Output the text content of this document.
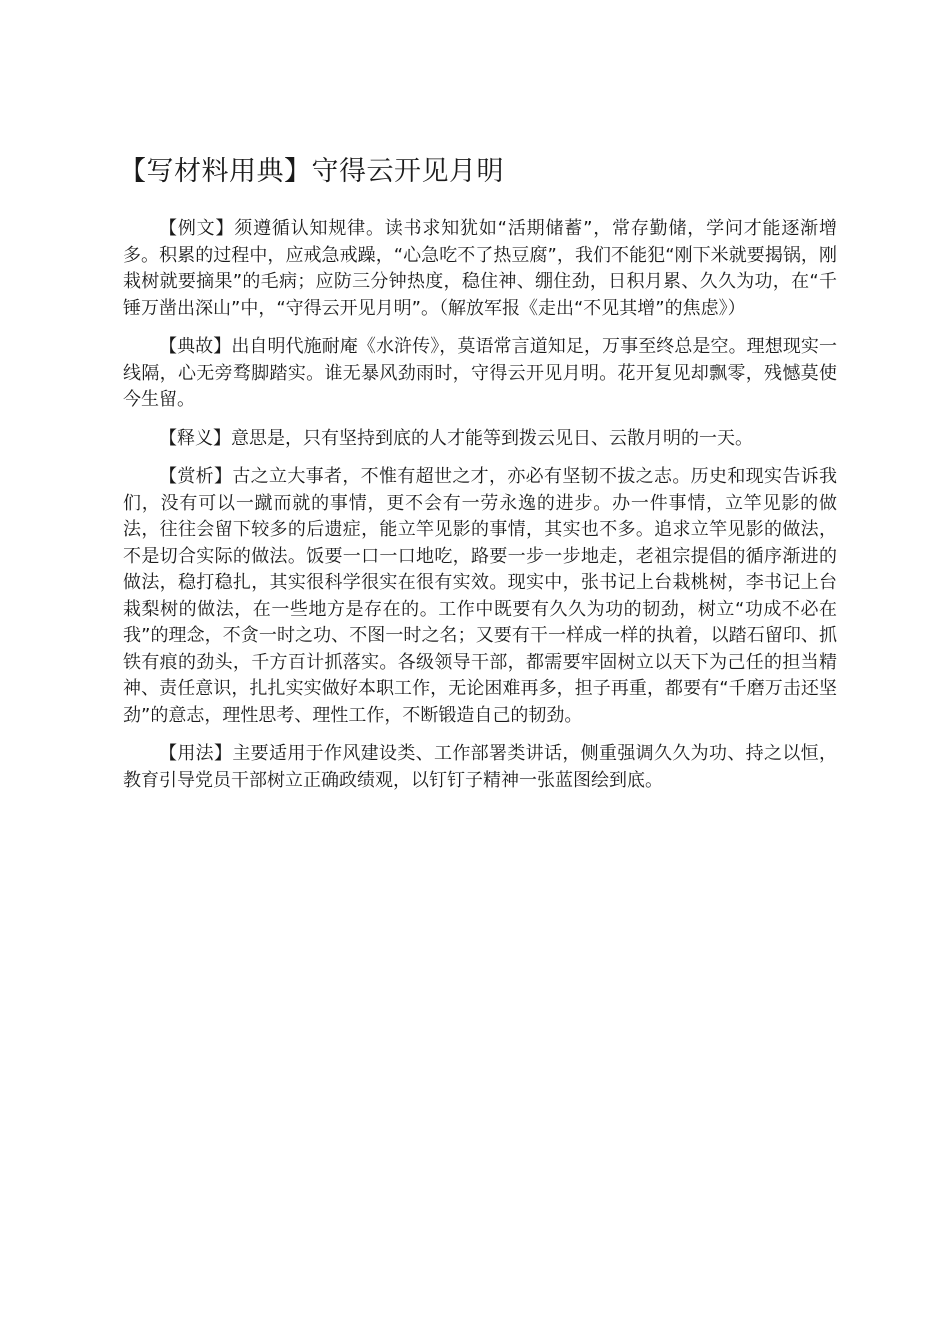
【写材料用典】守得云开见月明

【例文】须遵循认知规律。读书求知犹如“活期储蓄”，常存勤储，学问才能逐渐增多。积累的过程中，应戒急戒躁，“心急吃不了热豆腐”，我们不能犯“刚下米就要揭锅，刚栽树就要摘果”的毛病；应防三分钟热度，稳住神、绷住劲，日积月累、久久为功，在“千锤万凿出深山”中，“守得云开见月明”。（解放军报《走出“不见其增”的焦虑》）

【典故】出自明代施耐庵《水浒传》，莫语常言道知足，万事至终总是空。理想现实一线隔，心无旁骛脚踏实。谁无暴风劲雨时，守得云开见月明。花开复见却飘零，残憾莫使今生留。

【释义】意思是，只有坚持到底的人才能等到拨云见日、云散月明的一天。

【赏析】古之立大事者，不惟有超世之才，亦必有坚韧不拔之志。历史和现实告诉我们，没有可以一蹴而就的事情，更不会有一劳永逸的进步。办一件事情，立竿见影的做法，往往会留下较多的后遗症，能立竿见影的事情，其实也不多。追求立竿见影的做法，不是切合实际的做法。饭要一口一口地吃，路要一步一步地走，老祖宗提倡的循序渐进的做法，稳打稳扎，其实很科学很实在很有实效。现实中，张书记上台栽桃树，李书记上台栽梨树的做法，在一些地方是存在的。工作中既要有久久为功的韧劲，树立“功成不必在我”的理念，不贪一时之功、不图一时之名；又要有干一样成一样的执着，以踏石留印、抓铁有痕的劲头，千方百计抓落实。各级领导干部，都需要牢固树立以天下为己任的担当精神、责任意识，扎扎实实做好本职工作，无论困难再多，担子再重，都要有“千磨万击还坚劲”的意志，理性思考、理性工作，不断锻造自己的韧劲。

【用法】主要适用于作风建设类、工作部署类讲话，侧重强调久久为功、持之以恒，教育引导党员干部树立正确政绩观，以钉钉子精神一张蓝图绘到底。
